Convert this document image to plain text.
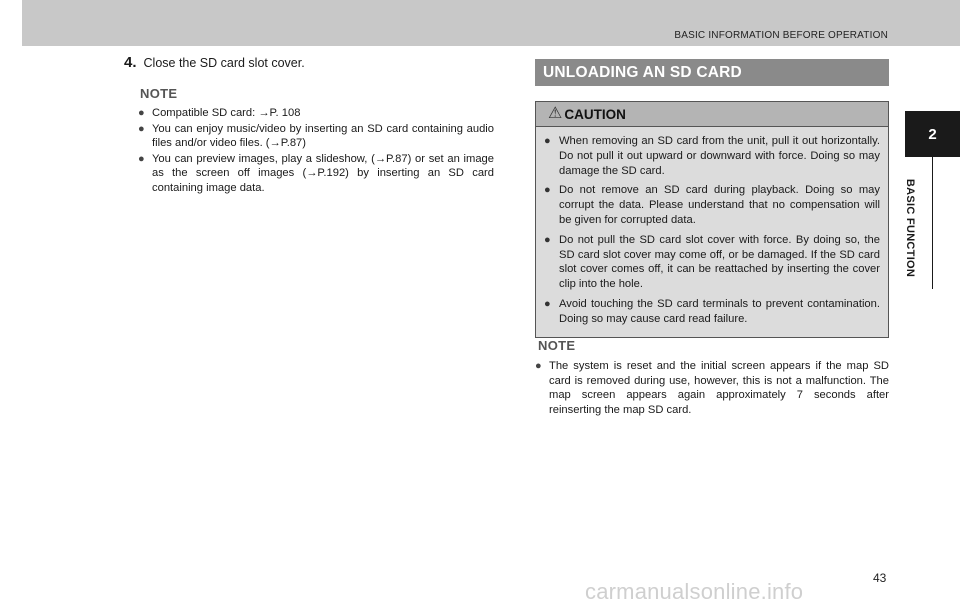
BASIC INFORMATION BEFORE OPERATION
2
BASIC FUNCTION
4. Close the SD card slot cover.
NOTE
● Compatible SD card: →P. 108
● You can enjoy music/video by inserting an SD card containing audio files and/or video files. (→P.87)
● You can preview images, play a slideshow, (→P.87) or set an image as the screen off images (→P.192) by inserting an SD card containing image data.
UNLOADING AN SD CARD
⚠ CAUTION
● When removing an SD card from the unit, pull it out horizontally. Do not pull it out upward or downward with force. Doing so may damage the SD card.
● Do not remove an SD card during playback. Doing so may corrupt the data. Please understand that no compensation will be given for corrupted data.
● Do not pull the SD card slot cover with force. By doing so, the SD card slot cover may come off, or be damaged. If the SD card slot cover comes off, it can be reattached by inserting the cover clip into the hole.
● Avoid touching the SD card terminals to prevent contamination. Doing so may cause card read failure.
NOTE
● The system is reset and the initial screen appears if the map SD card is removed during use, however, this is not a malfunction. The map screen appears again approximately 7 seconds after reinserting the map SD card.
43
carmanualsonline.info
